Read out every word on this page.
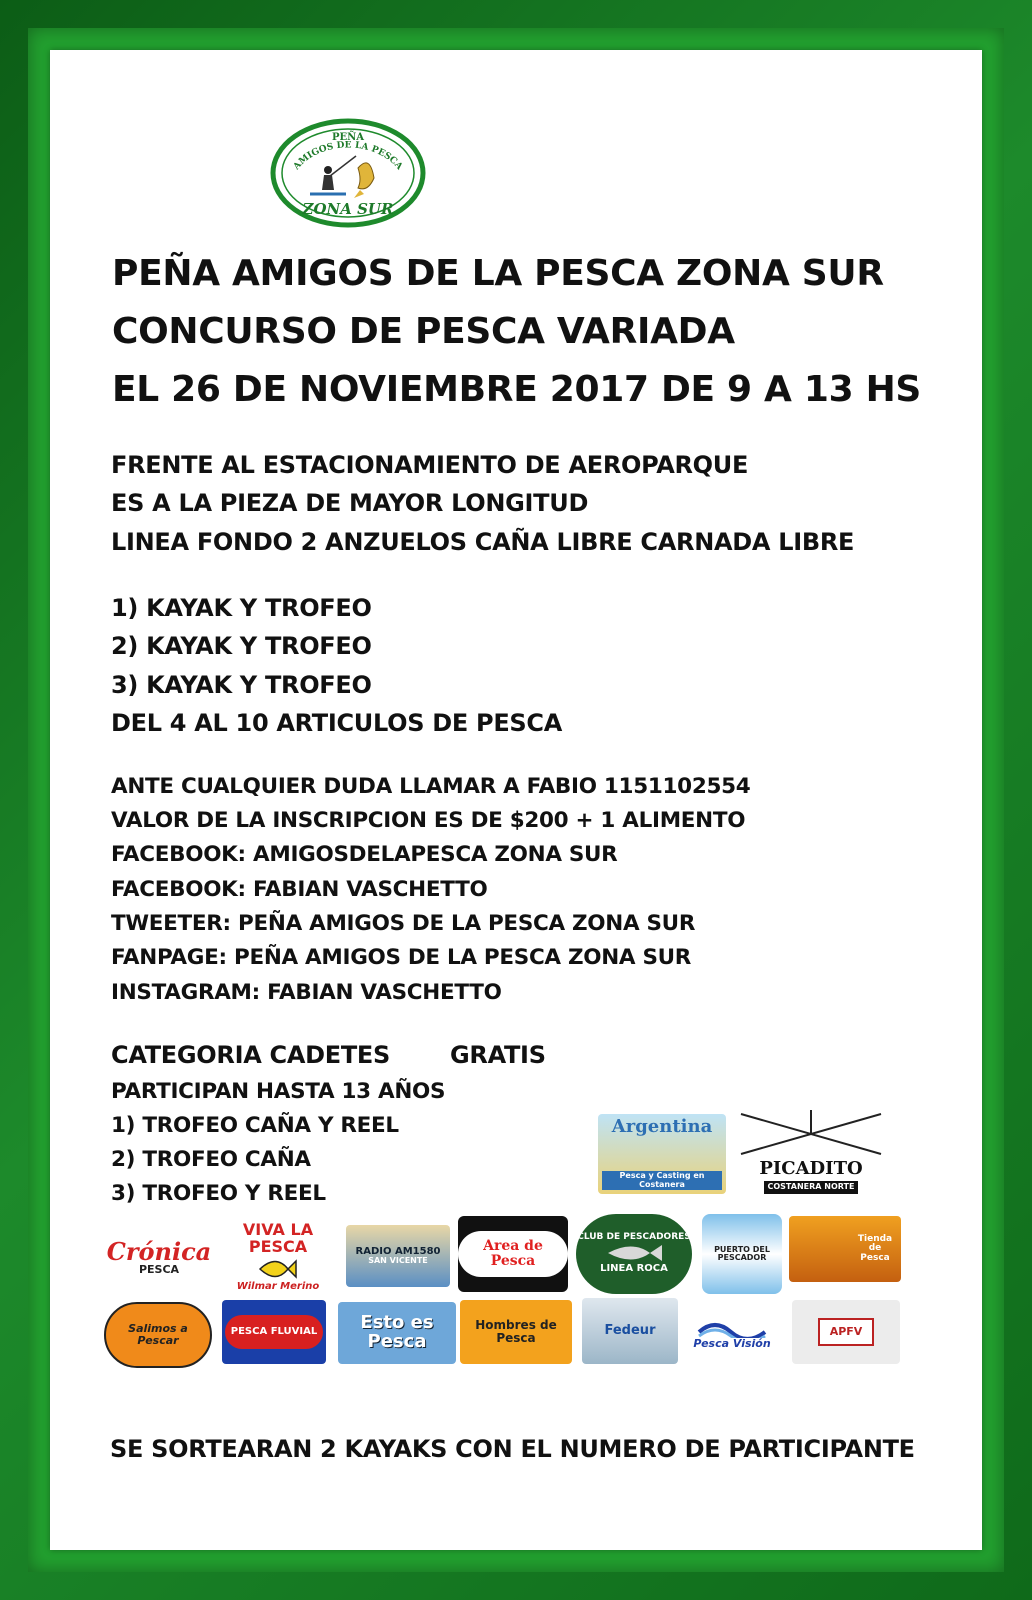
PEÑA
AMIGOS DE LA PESCA
ZONA SUR
PEÑA AMIGOS DE LA PESCA ZONA SUR
CONCURSO DE PESCA VARIADA
EL 26 DE NOVIEMBRE 2017 DE 9 A 13 HS
FRENTE AL ESTACIONAMIENTO DE AEROPARQUE
ES A LA PIEZA DE MAYOR LONGITUD
LINEA FONDO 2 ANZUELOS CAÑA LIBRE CARNADA LIBRE
1) KAYAK Y TROFEO
2) KAYAK Y TROFEO
3) KAYAK Y TROFEO
DEL 4 AL 10 ARTICULOS DE PESCA
ANTE CUALQUIER DUDA LLAMAR A FABIO 1151102554
VALOR DE LA INSCRIPCION ES DE $200 + 1 ALIMENTO
FACEBOOK: AMIGOSDELAPESCA ZONA SUR
FACEBOOK: FABIAN VASCHETTO
TWEETER: PEÑA AMIGOS DE LA PESCA ZONA SUR
FANPAGE: PEÑA AMIGOS DE LA PESCA ZONA SUR
INSTAGRAM: FABIAN VASCHETTO
CATEGORIA CADETES	GRATIS
PARTICIPAN HASTA 13 AÑOS
1) TROFEO CAÑA Y REEL
2) TROFEO CAÑA
3) TROFEO Y REEL
Argentina
Pesca y Casting en Costanera
PICADITO
COSTANERA NORTE
Crónica
PESCA
VIVA LA PESCA
Wilmar Merino
RADIO AM1580
SAN VICENTE
Area de Pesca
CLUB DE PESCADORES
LINEA ROCA
PUERTO DEL PESCADOR
Tienda de Pesca
Salimos a Pescar
PESCA FLUVIAL	Esto es Pesca
Hombres de Pesca	Fedeur
Pesca Visión
APFV
SE SORTEARAN 2 KAYAKS CON EL NUMERO DE PARTICIPANTE
